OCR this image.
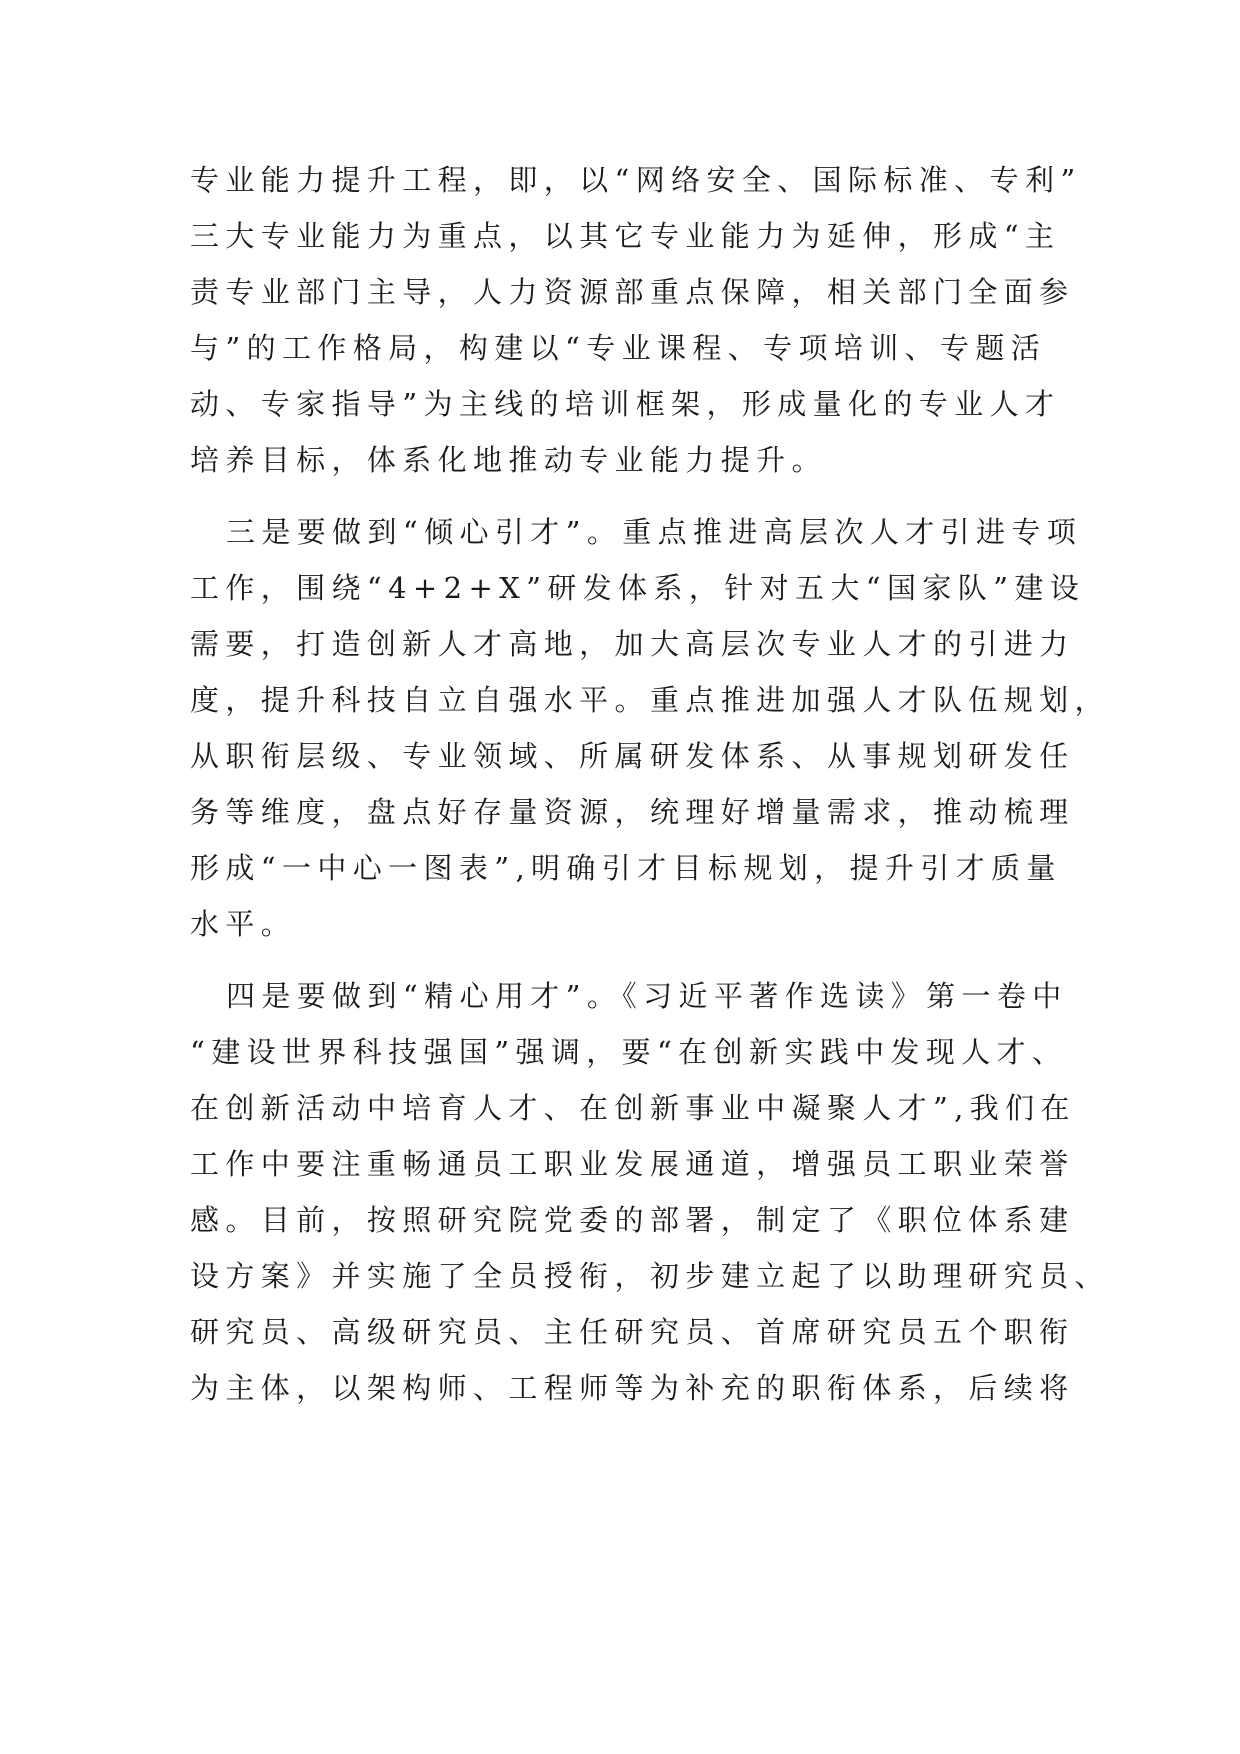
专业能力提升工程，即，以“网络安全、国际标准、专利”
三大专业能力为重点，以其它专业能力为延伸，形成“主
责专业部门主导，人力资源部重点保障，相关部门全面参
与”的工作格局，构建以“专业课程、专项培训、专题活
动、专家指导”为主线的培训框架，形成量化的专业人才
培养目标，体系化地推动专业能力提升。
三是要做到“倾心引才”。重点推进高层次人才引进专项
工作，围绕“4+2+X”研发体系，针对五大“国家队”建设
需要，打造创新人才高地，加大高层次专业人才的引进力
度，提升科技自立自强水平。重点推进加强人才队伍规划，
从职衔层级、专业领域、所属研发体系、从事规划研发任
务等维度，盘点好存量资源，统理好增量需求，推动梳理
形成“一中心一图表”,明确引才目标规划，提升引才质量
水平。
四是要做到“精心用才”。《习近平著作选读》第一卷中
“建设世界科技强国”强调，要“在创新实践中发现人才、
在创新活动中培育人才、在创新事业中凝聚人才”,我们在
工作中要注重畅通员工职业发展通道，增强员工职业荣誉
感。目前，按照研究院党委的部署，制定了《职位体系建
设方案》并实施了全员授衔，初步建立起了以助理研究员、
研究员、高级研究员、主任研究员、首席研究员五个职衔
为主体，以架构师、工程师等为补充的职衔体系，后续将
